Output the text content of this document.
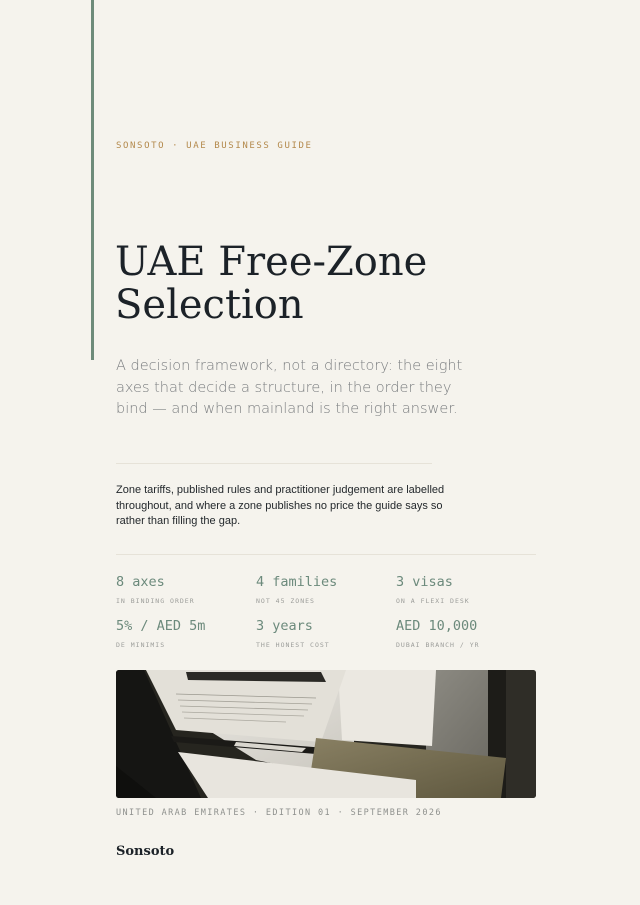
SONSOTO · UAE BUSINESS GUIDE
UAE Free-Zone
Selection

A decision framework, not a directory: the eight axes that decide a structure, in the order they bind — and when mainland is the right answer.

Zone tariffs, published rules and practitioner judgement are labelled throughout, and where a zone publishes no price the guide says so rather than filling the gap.

8 axes
IN BINDING ORDER
4 families
NOT 45 ZONES
3 visas
ON A FLEXI DESK
5% / AED 5m
DE MINIMIS
3 years
THE HONEST COST
AED 10,000
DUBAI BRANCH / YR
UNITED ARAB EMIRATES · EDITION 01 · SEPTEMBER 2026
Sonsoto
